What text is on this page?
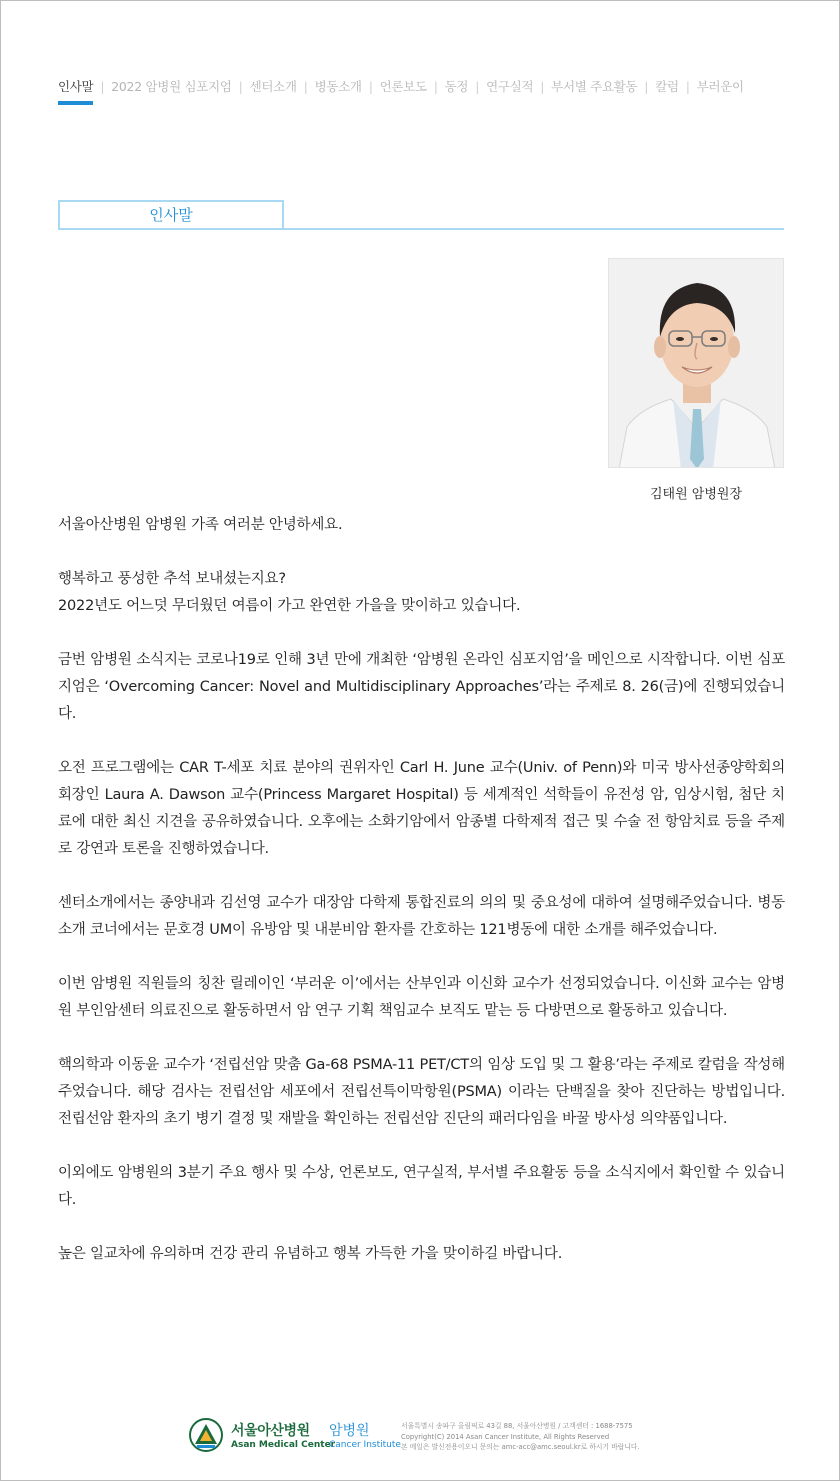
인사말 | 2022 암병원 심포지엄 | 센터소개 | 병동소개 | 언론보도 | 동정 | 연구실적 | 부서별 주요활동 | 칼럼 | 부러운이
인사말
김태원 암병원장

서울아산병원 암병원 가족 여러분 안녕하세요.

행복하고 풍성한 추석 보내셨는지요?
2022년도 어느덧 무더웠던 여름이 가고 완연한 가을을 맞이하고 있습니다.

금번 암병원 소식지는 코로나19로 인해 3년 만에 개최한 ‘암병원 온라인 심포지엄’을 메인으로 시작합니다. 이번 심포지엄은 ‘Overcoming Cancer: Novel and Multidisciplinary Approaches’라는 주제로 8. 26(금)에 진행되었습니다.

오전 프로그램에는 CAR T-세포 치료 분야의 권위자인 Carl H. June 교수(Univ. of Penn)와 미국 방사선종양학회의 회장인 Laura A. Dawson 교수(Princess Margaret Hospital) 등 세계적인 석학들이 유전성 암, 임상시험, 첨단 치료에 대한 최신 지견을 공유하였습니다. 오후에는 소화기암에서 암종별 다학제적 접근 및 수술 전 항암치료 등을 주제로 강연과 토론을 진행하였습니다.

센터소개에서는 종양내과 김선영 교수가 대장암 다학제 통합진료의 의의 및 중요성에 대하여 설명해주었습니다. 병동소개 코너에서는 문호경 UM이 유방암 및 내분비암 환자를 간호하는 121병동에 대한 소개를 해주었습니다.

이번 암병원 직원들의 칭찬 릴레이인 ‘부러운 이’에서는 산부인과 이신화 교수가 선정되었습니다. 이신화 교수는 암병원 부인암센터 의료진으로 활동하면서 암 연구 기획 책임교수 보직도 맡는 등 다방면으로 활동하고 있습니다.

핵의학과 이동윤 교수가 ‘전립선암 맞춤 Ga-68 PSMA-11 PET/CT의 임상 도입 및 그 활용’라는 주제로 칼럼을 작성해주었습니다. 해당 검사는 전립선암 세포에서 전립선특이막항원(PSMA) 이라는 단백질을 찾아 진단하는 방법입니다. 전립선암 환자의 초기 병기 결정 및 재발을 확인하는 전립선암 진단의 패러다임을 바꿀 방사성 의약품입니다.

이외에도 암병원의 3분기 주요 행사 및 수상, 언론보도, 연구실적, 부서별 주요활동 등을 소식지에서 확인할 수 있습니다.

높은 일교차에 유의하며 건강 관리 유념하고 행복 가득한 가을 맞이하길 바랍니다.

서울아산병원
Asan Medical Center
암병원
Cancer Institute
서울특별시 송파구 올림픽로 43길 88, 서울아산병원 / 고객센터 : 1688-7575
Copyright(C) 2014 Asan Cancer Institute, All Rights Reserved
본 메일은 발신전용이오니 문의는 amc-acc@amc.seoul.kr로 하시기 바랍니다.
